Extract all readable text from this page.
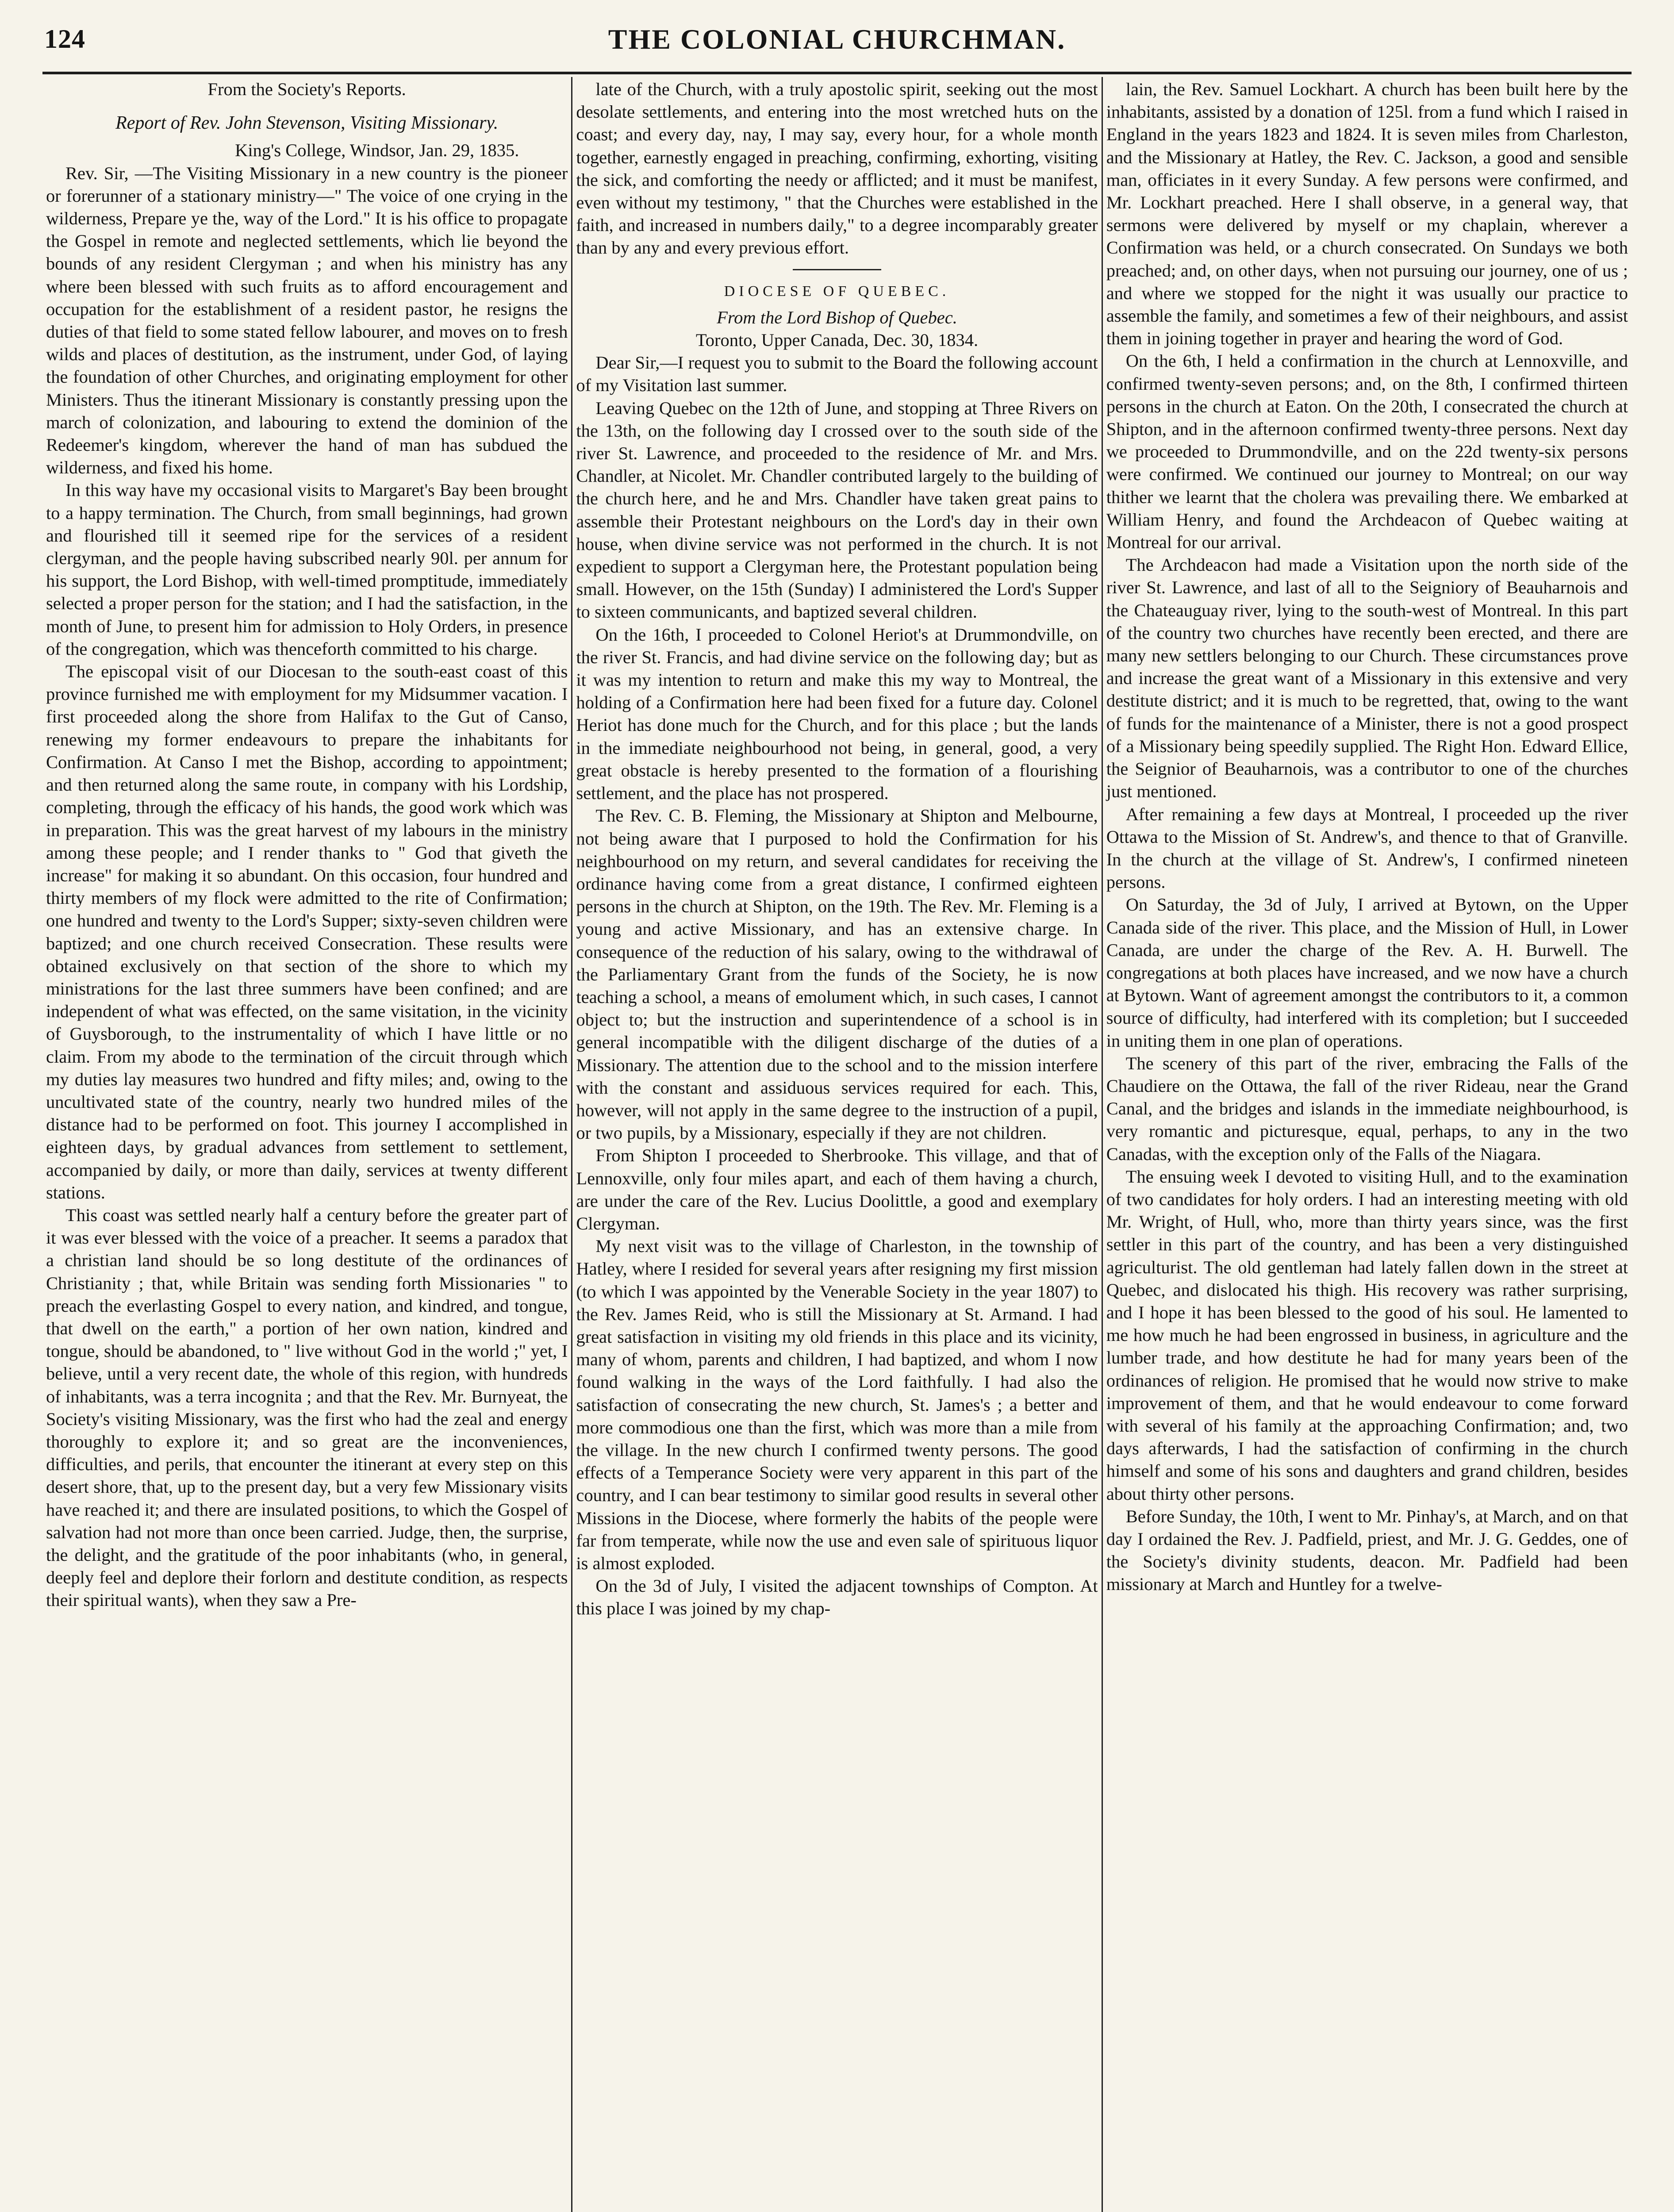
124	THE COLONIAL CHURCHMAN.

From the Society's Reports.

Report of Rev. John Stevenson, Visiting Missionary.

King's College, Windsor, Jan. 29, 1835.

Rev. Sir, —The Visiting Missionary in a new country is the pioneer or forerunner of a stationary ministry—" The voice of one crying in the wilderness, Prepare ye the, way of the Lord." It is his office to propagate the Gospel in remote and neglected settlements, which lie beyond the bounds of any resident Clergyman ; and when his ministry has any where been blessed with such fruits as to afford encouragement and occupation for the establishment of a resident pastor, he resigns the duties of that field to some stated fellow labourer, and moves on to fresh wilds and places of destitution, as the instrument, under God, of laying the foundation of other Churches, and originating employment for other Ministers. Thus the itinerant Missionary is constantly pressing upon the march of colonization, and labouring to extend the dominion of the Redeemer's kingdom, wherever the hand of man has subdued the wilderness, and fixed his home.

In this way have my occasional visits to Margaret's Bay been brought to a happy termination. The Church, from small beginnings, had grown and flourished till it seemed ripe for the services of a resident clergyman, and the people having subscribed nearly 90l. per annum for his support, the Lord Bishop, with well-timed promptitude, immediately selected a proper person for the station; and I had the satisfaction, in the month of June, to present him for admission to Holy Orders, in presence of the congregation, which was thenceforth committed to his charge.

The episcopal visit of our Diocesan to the south-east coast of this province furnished me with employment for my Midsummer vacation. I first proceeded along the shore from Halifax to the Gut of Canso, renewing my former endeavours to prepare the inhabitants for Confirmation. At Canso I met the Bishop, according to appointment; and then returned along the same route, in company with his Lordship, completing, through the efficacy of his hands, the good work which was in preparation. This was the great harvest of my labours in the ministry among these people; and I render thanks to " God that giveth the increase" for making it so abundant. On this occasion, four hundred and thirty members of my flock were admitted to the rite of Confirmation; one hundred and twenty to the Lord's Supper; sixty-seven children were baptized; and one church received Consecration. These results were obtained exclusively on that section of the shore to which my ministrations for the last three summers have been confined; and are independent of what was effected, on the same visitation, in the vicinity of Guysborough, to the instrumentality of which I have little or no claim. From my abode to the termination of the circuit through which my duties lay measures two hundred and fifty miles; and, owing to the uncultivated state of the country, nearly two hundred miles of the distance had to be performed on foot. This journey I accomplished in eighteen days, by gradual advances from settlement to settlement, accompanied by daily, or more than daily, services at twenty different stations.

This coast was settled nearly half a century before the greater part of it was ever blessed with the voice of a preacher. It seems a paradox that a christian land should be so long destitute of the ordinances of Christianity ; that, while Britain was sending forth Missionaries " to preach the everlasting Gospel to every nation, and kindred, and tongue, that dwell on the earth," a portion of her own nation, kindred and tongue, should be abandoned, to " live without God in the world ;" yet, I believe, until a very recent date, the whole of this region, with hundreds of inhabitants, was a terra incognita ; and that the Rev. Mr. Burnyeat, the Society's visiting Missionary, was the first who had the zeal and energy thoroughly to explore it; and so great are the inconveniences, difficulties, and perils, that encounter the itinerant at every step on this desert shore, that, up to the present day, but a very few Missionary visits have reached it; and there are insulated positions, to which the Gospel of salvation had not more than once been carried. Judge, then, the surprise, the delight, and the gratitude of the poor inhabitants (who, in general, deeply feel and deplore their forlorn and destitute condition, as respects their spiritual wants), when they saw a Pre-

late of the Church, with a truly apostolic spirit, seeking out the most desolate settlements, and entering into the most wretched huts on the coast; and every day, nay, I may say, every hour, for a whole month together, earnestly engaged in preaching, confirming, exhorting, visiting the sick, and comforting the needy or afflicted; and it must be manifest, even without my testimony, " that the Churches were established in the faith, and increased in numbers daily," to a degree incomparably greater than by any and every previous effort.

DIOCESE OF QUEBEC.

From the Lord Bishop of Quebec.

Toronto, Upper Canada, Dec. 30, 1834.

Dear Sir,—I request you to submit to the Board the following account of my Visitation last summer.

Leaving Quebec on the 12th of June, and stopping at Three Rivers on the 13th, on the following day I crossed over to the south side of the river St. Lawrence, and proceeded to the residence of Mr. and Mrs. Chandler, at Nicolet. Mr. Chandler contributed largely to the building of the church here, and he and Mrs. Chandler have taken great pains to assemble their Protestant neighbours on the Lord's day in their own house, when divine service was not performed in the church. It is not expedient to support a Clergyman here, the Protestant population being small. However, on the 15th (Sunday) I administered the Lord's Supper to sixteen communicants, and baptized several children.

On the 16th, I proceeded to Colonel Heriot's at Drummondville, on the river St. Francis, and had divine service on the following day; but as it was my intention to return and make this my way to Montreal, the holding of a Confirmation here had been fixed for a future day. Colonel Heriot has done much for the Church, and for this place ; but the lands in the immediate neighbourhood not being, in general, good, a very great obstacle is hereby presented to the formation of a flourishing settlement, and the place has not prospered.

The Rev. C. B. Fleming, the Missionary at Shipton and Melbourne, not being aware that I purposed to hold the Confirmation for his neighbourhood on my return, and several candidates for receiving the ordinance having come from a great distance, I confirmed eighteen persons in the church at Shipton, on the 19th. The Rev. Mr. Fleming is a young and active Missionary, and has an extensive charge. In consequence of the reduction of his salary, owing to the withdrawal of the Parliamentary Grant from the funds of the Society, he is now teaching a school, a means of emolument which, in such cases, I cannot object to; but the instruction and superintendence of a school is in general incompatible with the diligent discharge of the duties of a Missionary. The attention due to the school and to the mission interfere with the constant and assiduous services required for each. This, however, will not apply in the same degree to the instruction of a pupil, or two pupils, by a Missionary, especially if they are not children.

From Shipton I proceeded to Sherbrooke. This village, and that of Lennoxville, only four miles apart, and each of them having a church, are under the care of the Rev. Lucius Doolittle, a good and exemplary Clergyman.

My next visit was to the village of Charleston, in the township of Hatley, where I resided for several years after resigning my first mission (to which I was appointed by the Venerable Society in the year 1807) to the Rev. James Reid, who is still the Missionary at St. Armand. I had great satisfaction in visiting my old friends in this place and its vicinity, many of whom, parents and children, I had baptized, and whom I now found walking in the ways of the Lord faithfully. I had also the satisfaction of consecrating the new church, St. James's ; a better and more commodious one than the first, which was more than a mile from the village. In the new church I confirmed twenty persons. The good effects of a Temperance Society were very apparent in this part of the country, and I can bear testimony to similar good results in several other Missions in the Diocese, where formerly the habits of the people were far from temperate, while now the use and even sale of spirituous liquor is almost exploded.

On the 3d of July, I visited the adjacent townships of Compton. At this place I was joined by my chap-

lain, the Rev. Samuel Lockhart. A church has been built here by the inhabitants, assisted by a donation of 125l. from a fund which I raised in England in the years 1823 and 1824. It is seven miles from Charleston, and the Missionary at Hatley, the Rev. C. Jackson, a good and sensible man, officiates in it every Sunday. A few persons were confirmed, and Mr. Lockhart preached. Here I shall observe, in a general way, that sermons were delivered by myself or my chaplain, wherever a Confirmation was held, or a church consecrated. On Sundays we both preached; and, on other days, when not pursuing our journey, one of us ; and where we stopped for the night it was usually our practice to assemble the family, and sometimes a few of their neighbours, and assist them in joining together in prayer and hearing the word of God.

On the 6th, I held a confirmation in the church at Lennoxville, and confirmed twenty-seven persons; and, on the 8th, I confirmed thirteen persons in the church at Eaton. On the 20th, I consecrated the church at Shipton, and in the afternoon confirmed twenty-three persons. Next day we proceeded to Drummondville, and on the 22d twenty-six persons were confirmed. We continued our journey to Montreal; on our way thither we learnt that the cholera was prevailing there. We embarked at William Henry, and found the Archdeacon of Quebec waiting at Montreal for our arrival.

The Archdeacon had made a Visitation upon the north side of the river St. Lawrence, and last of all to the Seigniory of Beauharnois and the Chateauguay river, lying to the south-west of Montreal. In this part of the country two churches have recently been erected, and there are many new settlers belonging to our Church. These circumstances prove and increase the great want of a Missionary in this extensive and very destitute district; and it is much to be regretted, that, owing to the want of funds for the maintenance of a Minister, there is not a good prospect of a Missionary being speedily supplied. The Right Hon. Edward Ellice, the Seignior of Beauharnois, was a contributor to one of the churches just mentioned.

After remaining a few days at Montreal, I proceeded up the river Ottawa to the Mission of St. Andrew's, and thence to that of Granville. In the church at the village of St. Andrew's, I confirmed nineteen persons.

On Saturday, the 3d of July, I arrived at Bytown, on the Upper Canada side of the river. This place, and the Mission of Hull, in Lower Canada, are under the charge of the Rev. A. H. Burwell. The congregations at both places have increased, and we now have a church at Bytown. Want of agreement amongst the contributors to it, a common source of difficulty, had interfered with its completion; but I succeeded in uniting them in one plan of operations.

The scenery of this part of the river, embracing the Falls of the Chaudiere on the Ottawa, the fall of the river Rideau, near the Grand Canal, and the bridges and islands in the immediate neighbourhood, is very romantic and picturesque, equal, perhaps, to any in the two Canadas, with the exception only of the Falls of the Niagara.

The ensuing week I devoted to visiting Hull, and to the examination of two candidates for holy orders. I had an interesting meeting with old Mr. Wright, of Hull, who, more than thirty years since, was the first settler in this part of the country, and has been a very distinguished agriculturist. The old gentleman had lately fallen down in the street at Quebec, and dislocated his thigh. His recovery was rather surprising, and I hope it has been blessed to the good of his soul. He lamented to me how much he had been engrossed in business, in agriculture and the lumber trade, and how destitute he had for many years been of the ordinances of religion. He promised that he would now strive to make improvement of them, and that he would endeavour to come forward with several of his family at the approaching Confirmation; and, two days afterwards, I had the satisfaction of confirming in the church himself and some of his sons and daughters and grand children, besides about thirty other persons.

Before Sunday, the 10th, I went to Mr. Pinhay's, at March, and on that day I ordained the Rev. J. Padfield, priest, and Mr. J. G. Geddes, one of the Society's divinity students, deacon. Mr. Padfield had been missionary at March and Huntley for a twelve-
